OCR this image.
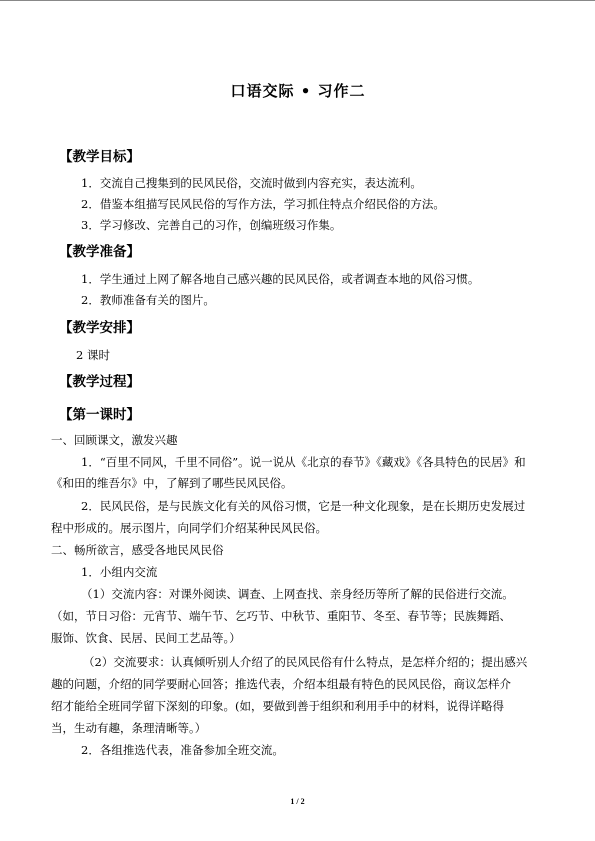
口语交际 • 习作二
【教学目标】
1．交流自己搜集到的民风民俗，交流时做到内容充实，表达流利。
2．借鉴本组描写民风民俗的写作方法，学习抓住特点介绍民俗的方法。
3．学习修改、完善自己的习作，创编班级习作集。
【教学准备】
1．学生通过上网了解各地自己感兴趣的民风民俗，或者调查本地的风俗习惯。
2．教师准备有关的图片。
【教学安排】
2 课时
【教学过程】
【第一课时】
一、回顾课文，激发兴趣
1．“百里不同风，千里不同俗”。说一说从《北京的春节》《藏戏》《各具特色的民居》和
《和田的维吾尔》中，了解到了哪些民风民俗。
2．民风民俗，是与民族文化有关的风俗习惯，它是一种文化现象，是在长期历史发展过
程中形成的。展示图片，向同学们介绍某种民风民俗。
二、畅所欲言，感受各地民风民俗
1．小组内交流
（1）交流内容：对课外阅读、调查、上网查找、亲身经历等所了解的民俗进行交流。
（如，节日习俗：元宵节、端午节、乞巧节、中秋节、重阳节、冬至、春节等；民族舞蹈、
服饰、饮食、民居、民间工艺品等。）
（2）交流要求：认真倾听别人介绍了的民风民俗有什么特点，是怎样介绍的；提出感兴
趣的问题，介绍的同学要耐心回答；推选代表，介绍本组最有特色的民风民俗，商议怎样介
绍才能给全班同学留下深刻的印象。(如，要做到善于组织和利用手中的材料，说得详略得
当，生动有趣，条理清晰等。）
2．各组推选代表，准备参加全班交流。
1 / 2
